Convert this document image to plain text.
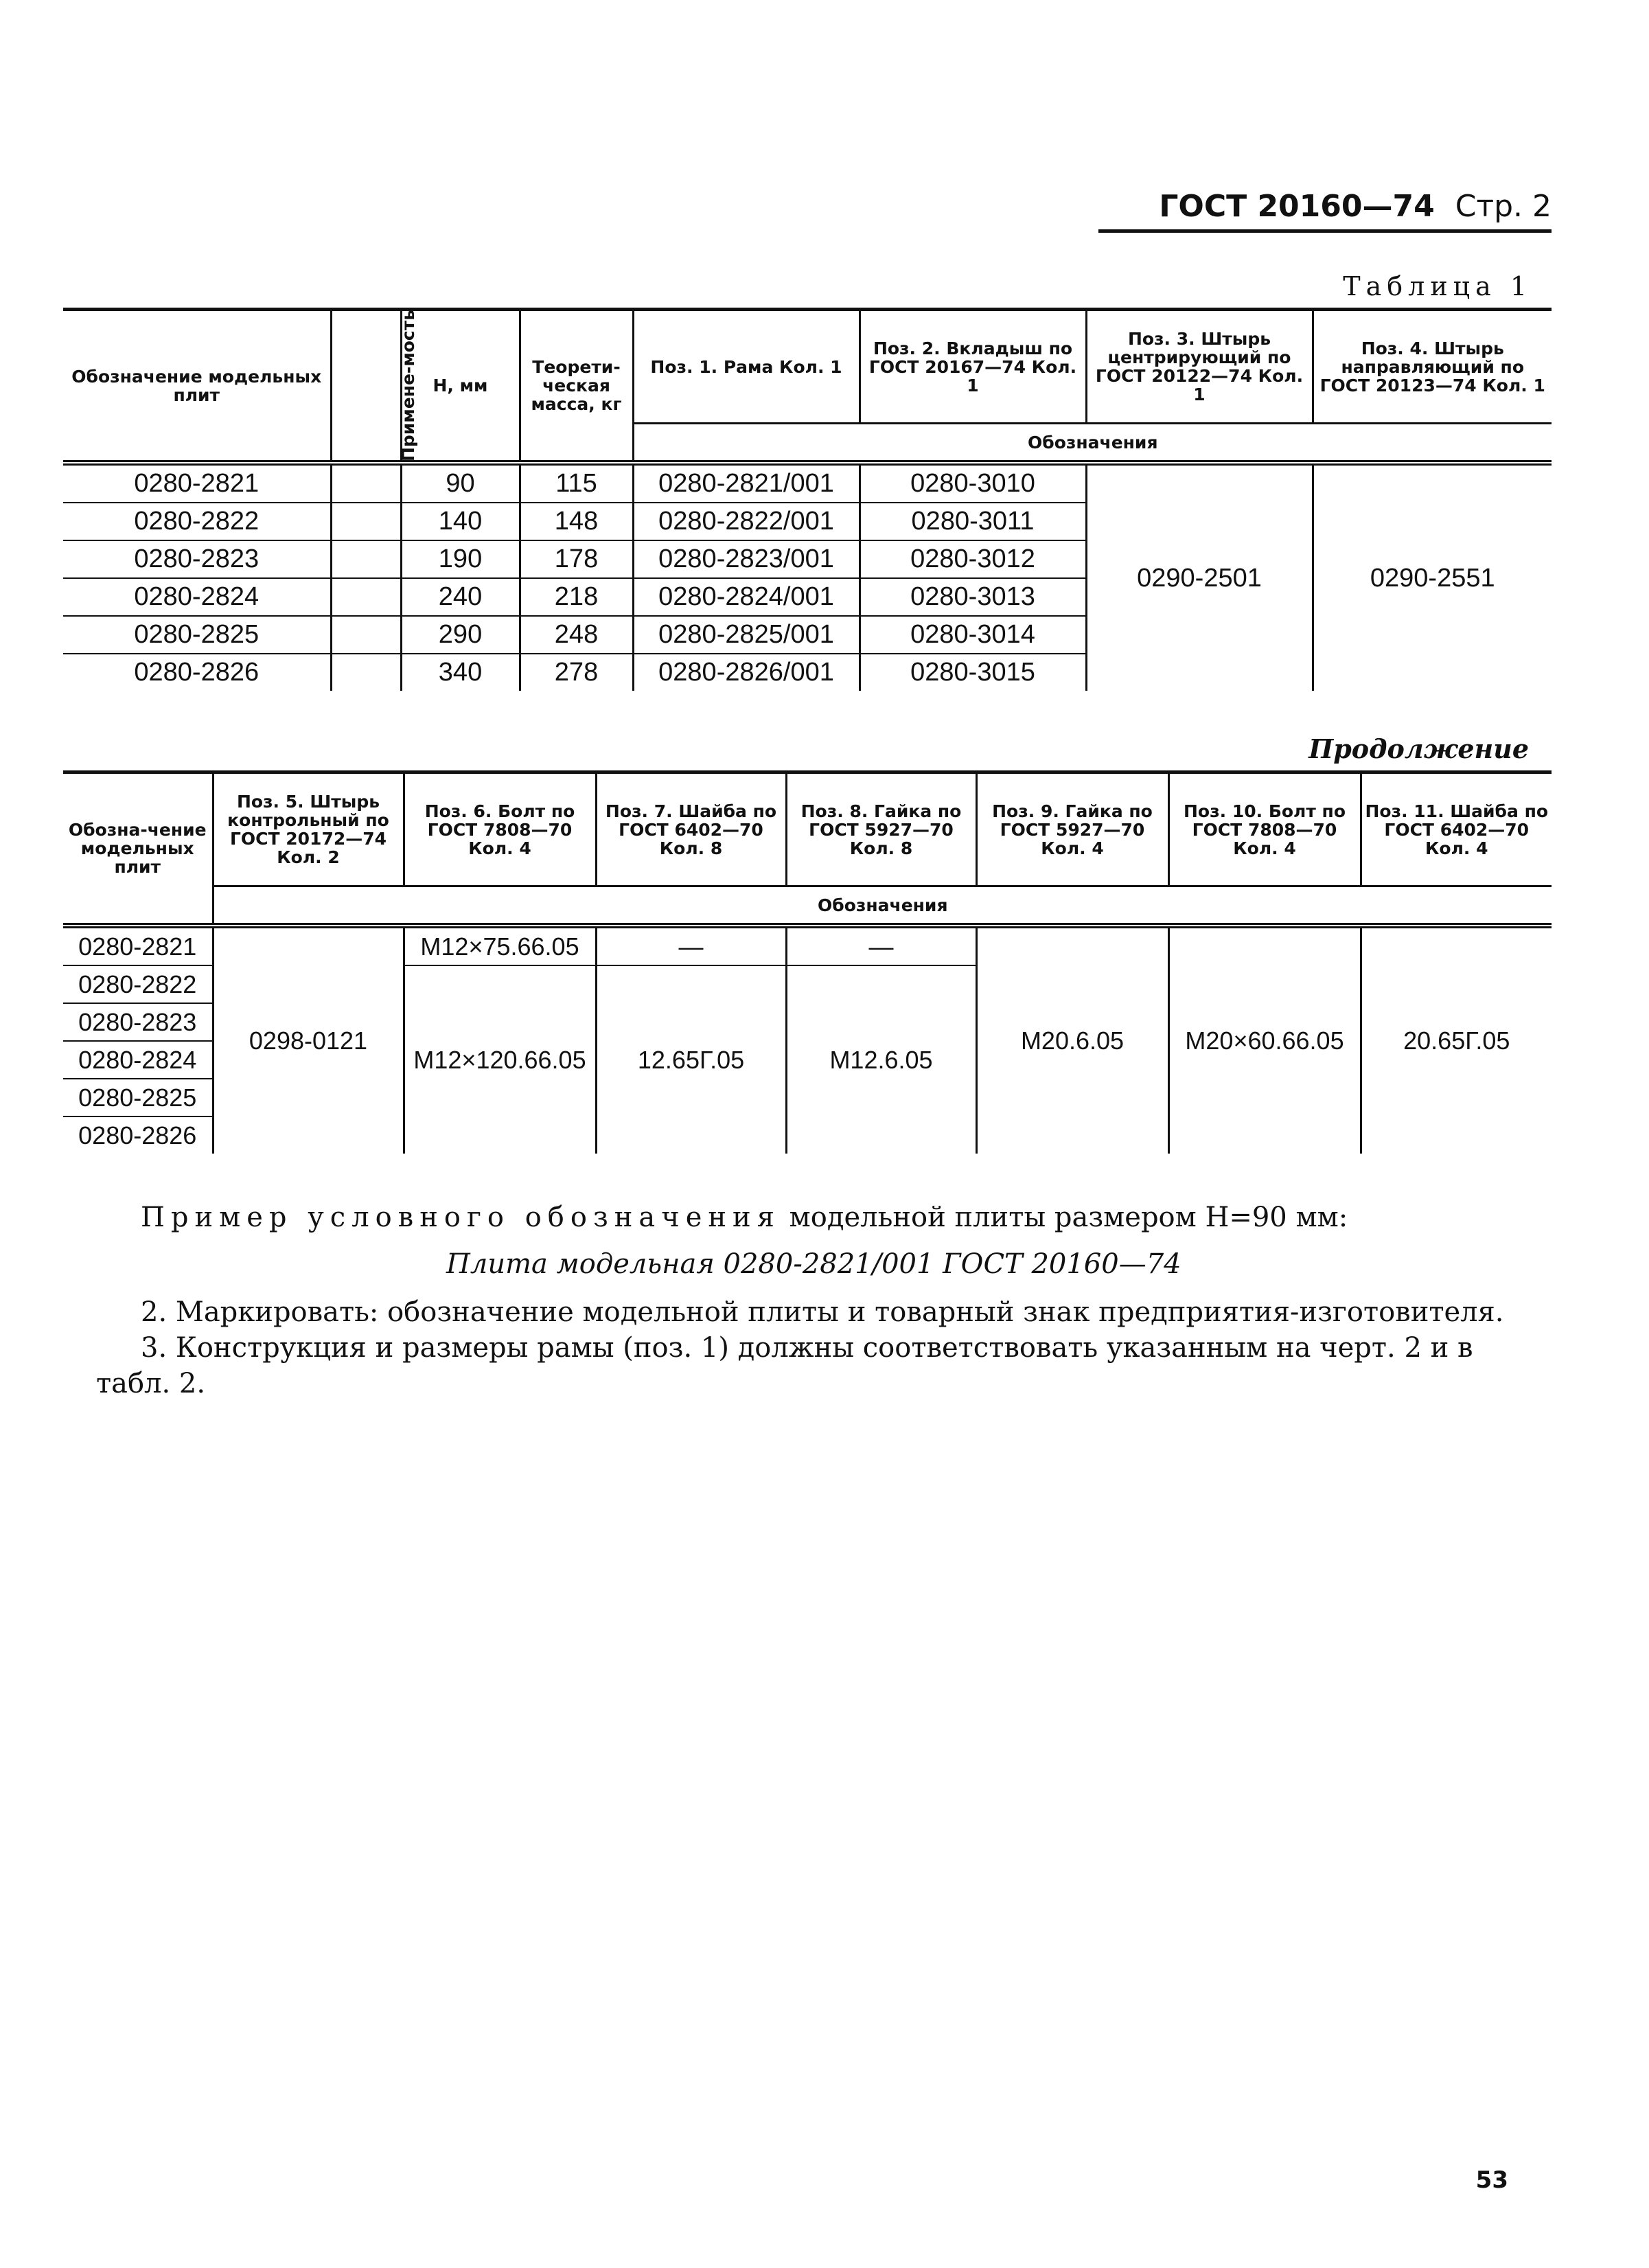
ГОСТ 20160—74 Стр. 2
Таблица 1
Обозначение модельных плит	Примене-мость	H, мм	Теорети-ческая масса, кг	Поз. 1. Рама Кол. 1	Поз. 2. Вкладыш по ГОСТ 20167—74 Кол. 1	Поз. 3. Штырь центрирующий по ГОСТ 20122—74 Кол. 1	Поз. 4. Штырь направляющий по ГОСТ 20123—74 Кол. 1
				Обозначения			
0280-2821		90	115	0280-2821/001	0280-3010	0290-2501	0290-2551
0280-2822		140	148	0280-2822/001	0280-3011		
0280-2823		190	178	0280-2823/001	0280-3012		
0280-2824		240	218	0280-2824/001	0280-3013		
0280-2825		290	248	0280-2825/001	0280-3014		
0280-2826		340	278	0280-2826/001	0280-3015		
Продолжение
Обозна-чение модельных плит	Поз. 5. Штырь контрольный по ГОСТ 20172—74 Кол. 2	Поз. 6. Болт по ГОСТ 7808—70 Кол. 4	Поз. 7. Шайба по ГОСТ 6402—70 Кол. 8	Поз. 8. Гайка по ГОСТ 5927—70 Кол. 8	Поз. 9. Гайка по ГОСТ 5927—70 Кол. 4	Поз. 10. Болт по ГОСТ 7808—70 Кол. 4	Поз. 11. Шайба по ГОСТ 6402—70 Кол. 4
	Обозначения						
0280-2821	0298-0121	M12×75.66.05	—	—	M20.6.05	M20×60.66.05	20.65Г.05
0280-2822		M12×120.66.05	12.65Г.05	M12.6.05			
0280-2823							
0280-2824							
0280-2825							
0280-2826							
Пример условного обозначения модельной плиты размером H=90 мм:
Плита модельная 0280-2821/001 ГОСТ 20160—74
2. Маркировать: обозначение модельной плиты и товарный знак предприятия-изготовителя.
3. Конструкция и размеры рамы (поз. 1) должны соответствовать указанным на черт. 2 и в
табл. 2.
53
